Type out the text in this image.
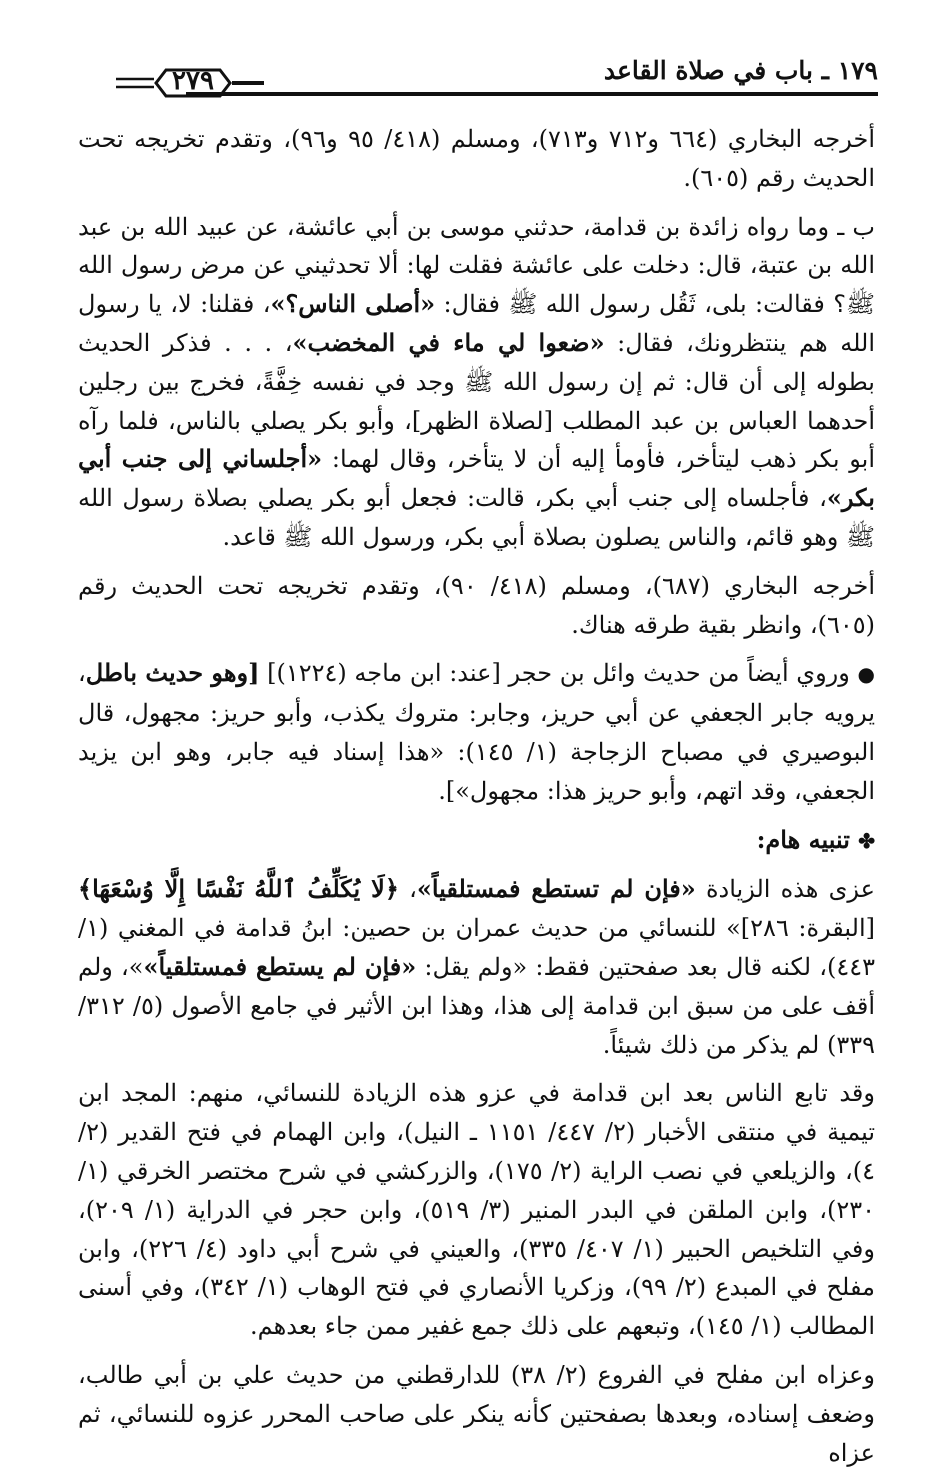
١٧٩ ـ باب في صلاة القاعد
٢٧٩

أخرجه البخاري (٦٦٤ و٧١٢ و٧١٣)، ومسلم (٤١٨/ ٩٥ و٩٦)، وتقدم تخريجه تحت الحديث رقم (٦٠٥).

ب ـ وما رواه زائدة بن قدامة، حدثني موسى بن أبي عائشة، عن عبيد الله بن عبد الله بن عتبة، قال: دخلت على عائشة فقلت لها: ألا تحدثيني عن مرض رسول الله ﷺ؟ فقالت: بلى، ثَقُل رسول الله ﷺ فقال: «أصلى الناس؟»، فقلنا: لا، يا رسول الله هم ينتظرونك، فقال: «ضعوا لي ماء في المخضب»، . . . فذكر الحديث بطوله إلى أن قال: ثم إن رسول الله ﷺ وجد في نفسه خِفَّةً، فخرج بين رجلين أحدهما العباس بن عبد المطلب [لصلاة الظهر]، وأبو بكر يصلي بالناس، فلما رآه أبو بكر ذهب ليتأخر، فأومأ إليه أن لا يتأخر، وقال لهما: «أجلساني إلى جنب أبي بكر»، فأجلساه إلى جنب أبي بكر، قالت: فجعل أبو بكر يصلي بصلاة رسول الله ﷺ وهو قائم، والناس يصلون بصلاة أبي بكر، ورسول الله ﷺ قاعد.

أخرجه البخاري (٦٨٧)، ومسلم (٤١٨/ ٩٠)، وتقدم تخريجه تحت الحديث رقم (٦٠٥)، وانظر بقية طرقه هناك.

● وروي أيضاً من حديث وائل بن حجر [عند: ابن ماجه (١٢٢٤)] [وهو حديث باطل، يرويه جابر الجعفي عن أبي حريز، وجابر: متروك يكذب، وأبو حريز: مجهول، قال البوصيري في مصباح الزجاجة (١/ ١٤٥): «هذا إسناد فيه جابر، وهو ابن يزيد الجعفي، وقد اتهم، وأبو حريز هذا: مجهول»].

✤ تنبيه هام:

عزى هذه الزيادة «فإن لم تستطع فمستلقياً»، ﴿لَا يُكَلِّفُ ٱللَّهُ نَفْسًا إِلَّا وُسْعَهَا﴾ [البقرة: ٢٨٦]» للنسائي من حديث عمران بن حصين: ابنُ قدامة في المغني (١/ ٤٤٣)، لكنه قال بعد صفحتين فقط: «ولم يقل: «فإن لم يستطع فمستلقياً»»، ولم أقف على من سبق ابن قدامة إلى هذا، وهذا ابن الأثير في جامع الأصول (٥/ ٣١٢/ ٣٣٩) لم يذكر من ذلك شيئاً.

وقد تابع الناس بعد ابن قدامة في عزو هذه الزيادة للنسائي، منهم: المجد ابن تيمية في منتقى الأخبار (٢/ ٤٤٧/ ١١٥١ ـ النيل)، وابن الهمام في فتح القدير (٢/ ٤)، والزيلعي في نصب الراية (٢/ ١٧٥)، والزركشي في شرح مختصر الخرقي (١/ ٢٣٠)، وابن الملقن في البدر المنير (٣/ ٥١٩)، وابن حجر في الدراية (١/ ٢٠٩)، وفي التلخيص الحبير (١/ ٤٠٧/ ٣٣٥)، والعيني في شرح أبي داود (٤/ ٢٢٦)، وابن مفلح في المبدع (٢/ ٩٩)، وزكريا الأنصاري في فتح الوهاب (١/ ٣٤٢)، وفي أسنى المطالب (١/ ١٤٥)، وتبعهم على ذلك جمع غفير ممن جاء بعدهم.

وعزاه ابن مفلح في الفروع (٢/ ٣٨) للدارقطني من حديث علي بن أبي طالب، وضعف إسناده، وبعدها بصفحتين كأنه ينكر على صاحب المحرر عزوه للنسائي، ثم عزاه
